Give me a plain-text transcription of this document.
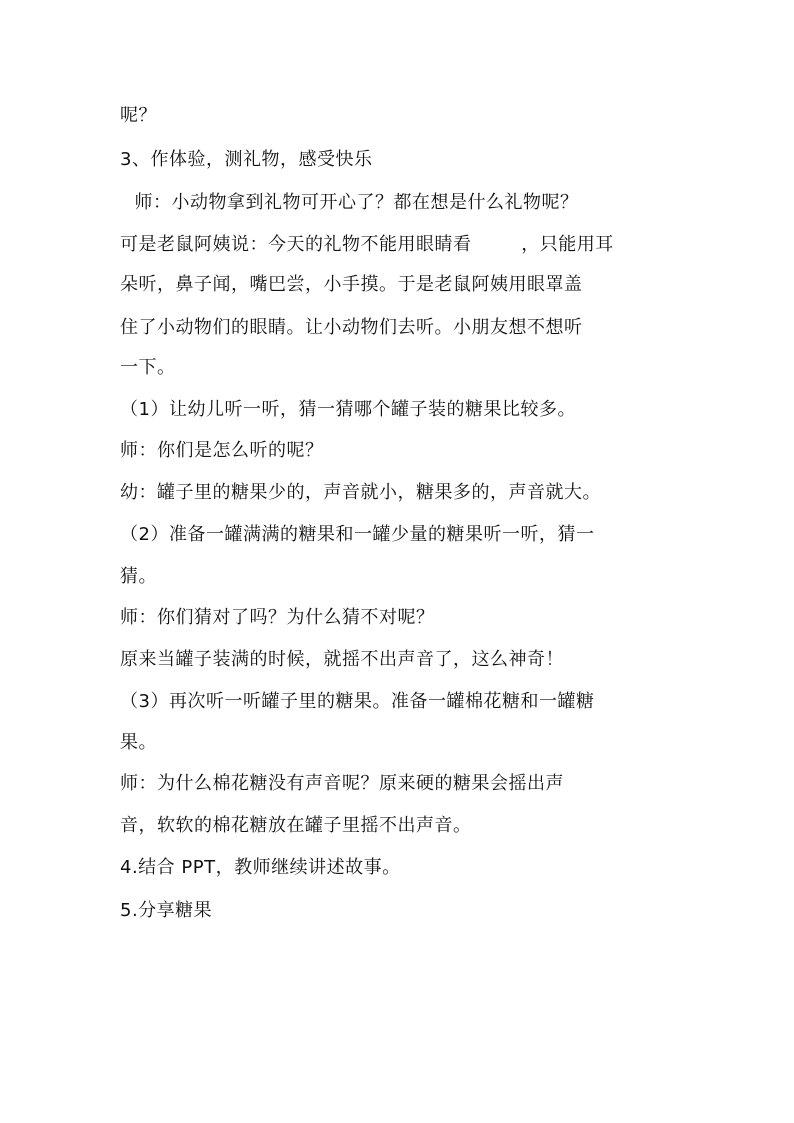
呢？
3、作体验，测礼物，感受快乐
师：小动物拿到礼物可开心了？都在想是什么礼物呢？
可是老鼠阿姨说：今天的礼物不能用眼睛看        ，只能用耳
朵听，鼻子闻，嘴巴尝，小手摸。于是老鼠阿姨用眼罩盖
住了小动物们的眼睛。让小动物们去听。小朋友想不想听
一下。
（1）让幼儿听一听，猜一猜哪个罐子装的糖果比较多。
师：你们是怎么听的呢？
幼：罐子里的糖果少的，声音就小，糖果多的，声音就大。
（2）准备一罐满满的糖果和一罐少量的糖果听一听，猜一
猜。
师：你们猜对了吗？为什么猜不对呢？
原来当罐子装满的时候，就摇不出声音了，这么神奇！
（3）再次听一听罐子里的糖果。准备一罐棉花糖和一罐糖
果。
师：为什么棉花糖没有声音呢？原来硬的糖果会摇出声
音，软软的棉花糖放在罐子里摇不出声音。
4.结合 PPT，教师继续讲述故事。
5.分享糖果
